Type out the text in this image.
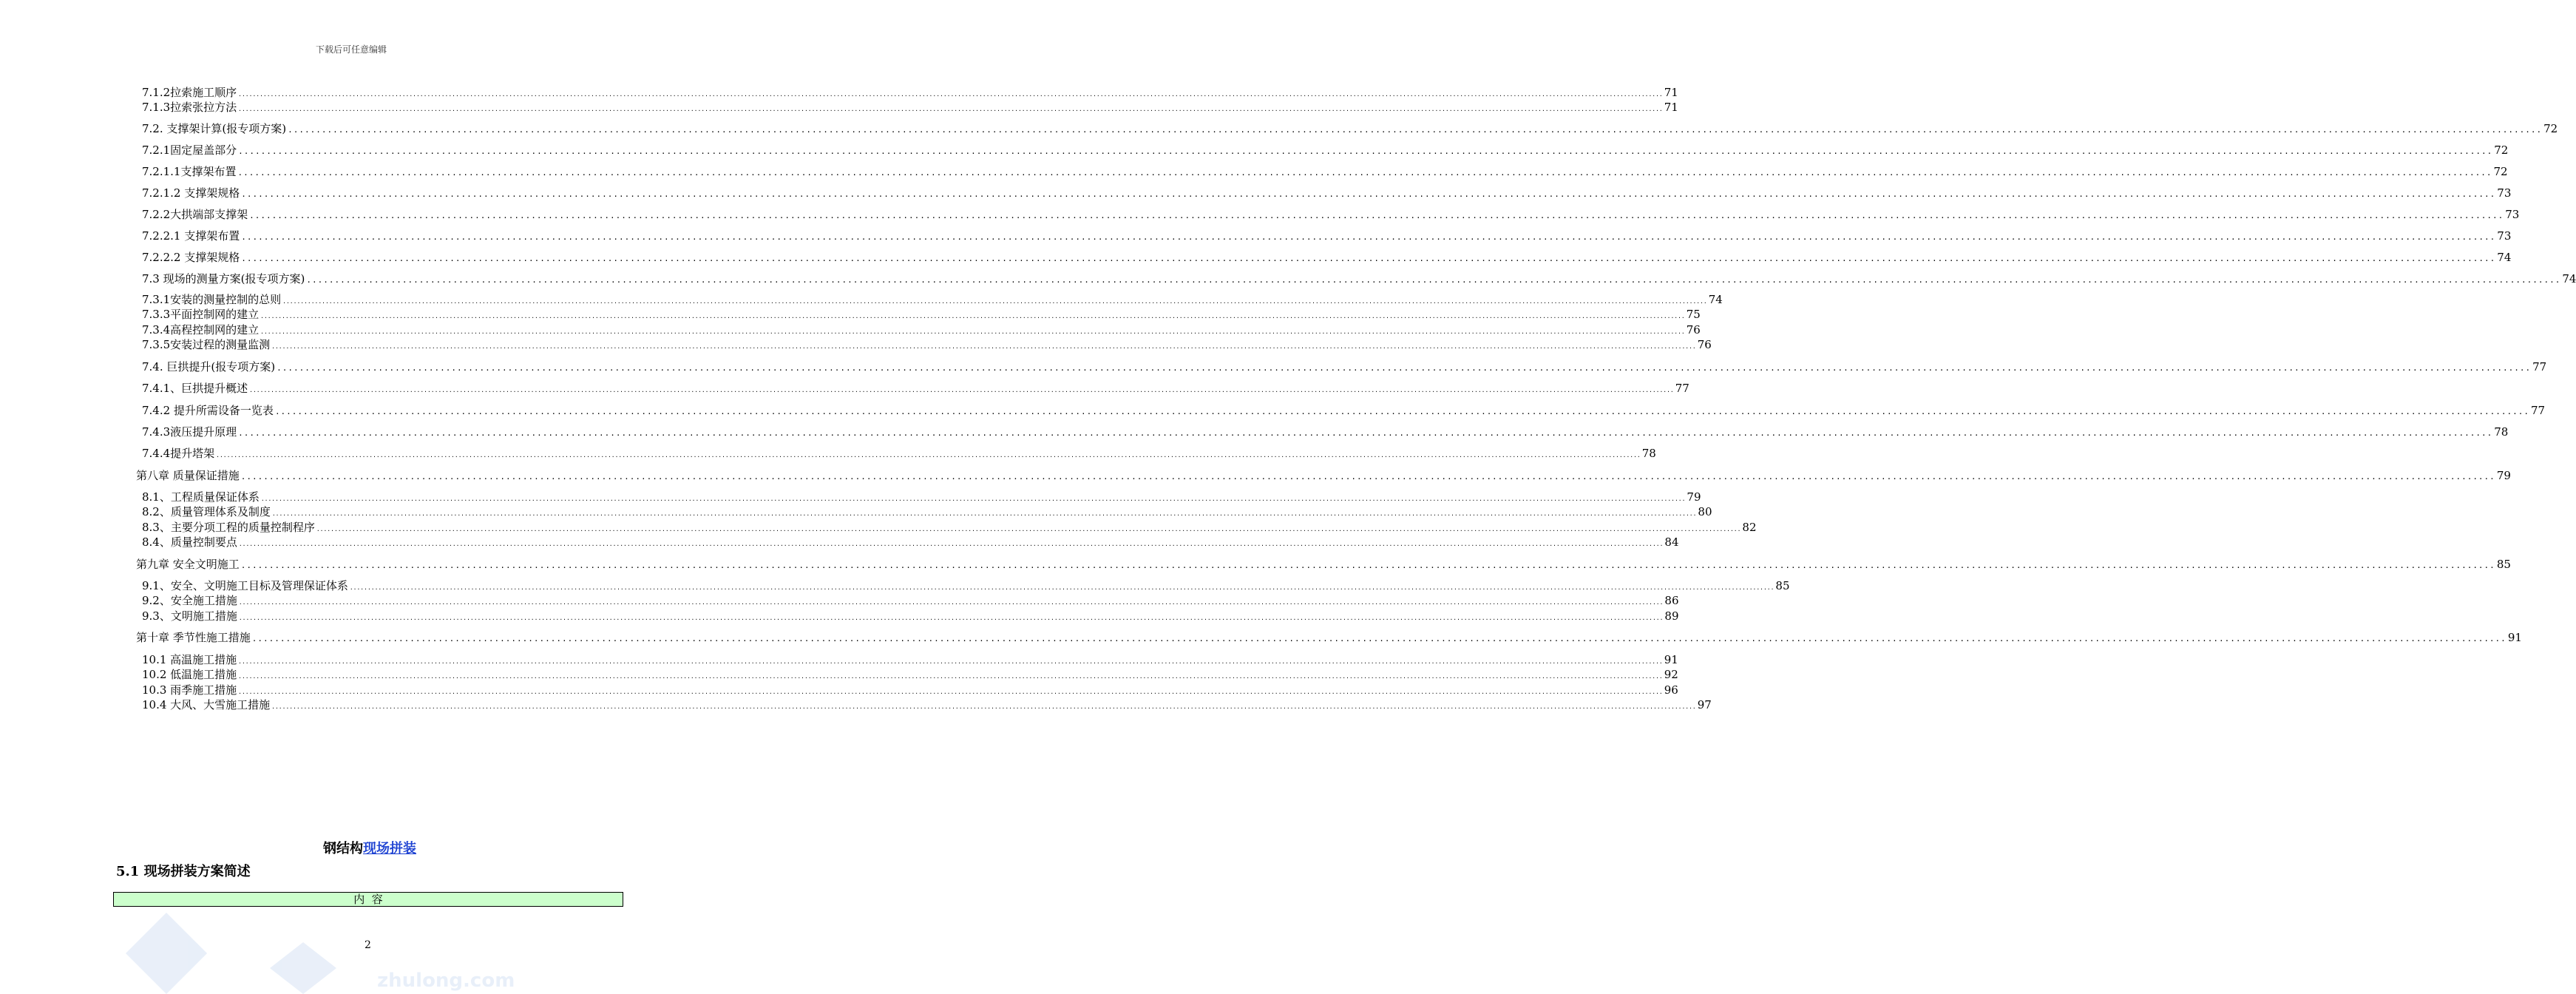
下载后可任意编辑
7.1.2拉索施工顺序 ................................................................................................................................................................................................................................................................................................................................................................................................................ 71
7.1.3拉索张拉方法 ................................................................................................................................................................................................................................................................................................................................................................................................................ 71
7.2. 支撑架计算(报专项方案) ................................................................................................................................................................................................................................................................................................................................................................................................................ 72
7.2.1固定屋盖部分 ................................................................................................................................................................................................................................................................................................................................................................................................................ 72
7.2.1.1支撑架布置 ................................................................................................................................................................................................................................................................................................................................................................................................................ 72
7.2.1.2 支撑架规格 ................................................................................................................................................................................................................................................................................................................................................................................................................ 73
7.2.2大拱端部支撑架 ................................................................................................................................................................................................................................................................................................................................................................................................................ 73
7.2.2.1 支撑架布置 ................................................................................................................................................................................................................................................................................................................................................................................................................ 73
7.2.2.2 支撑架规格 ................................................................................................................................................................................................................................................................................................................................................................................................................ 74
7.3 现场的测量方案(报专项方案) ................................................................................................................................................................................................................................................................................................................................................................................................................ 74
7.3.1安装的测量控制的总则 ................................................................................................................................................................................................................................................................................................................................................................................................................ 74
7.3.3平面控制网的建立 ................................................................................................................................................................................................................................................................................................................................................................................................................ 75
7.3.4高程控制网的建立 ................................................................................................................................................................................................................................................................................................................................................................................................................ 76
7.3.5安装过程的测量监测 ................................................................................................................................................................................................................................................................................................................................................................................................................ 76
7.4. 巨拱提升(报专项方案) ................................................................................................................................................................................................................................................................................................................................................................................................................ 77
7.4.1、巨拱提升概述 ................................................................................................................................................................................................................................................................................................................................................................................................................ 77
7.4.2 提升所需设备一览表 ................................................................................................................................................................................................................................................................................................................................................................................................................ 77
7.4.3液压提升原理 ................................................................................................................................................................................................................................................................................................................................................................................................................ 78
7.4.4提升塔架 ................................................................................................................................................................................................................................................................................................................................................................................................................ 78
第八章 质量保证措施 ................................................................................................................................................................................................................................................................................................................................................................................................................ 79
8.1、工程质量保证体系 ................................................................................................................................................................................................................................................................................................................................................................................................................ 79
8.2、质量管理体系及制度 ................................................................................................................................................................................................................................................................................................................................................................................................................ 80
8.3、主要分项工程的质量控制程序 ................................................................................................................................................................................................................................................................................................................................................................................................................ 82
8.4、质量控制要点 ................................................................................................................................................................................................................................................................................................................................................................................................................ 84
第九章 安全文明施工 ................................................................................................................................................................................................................................................................................................................................................................................................................ 85
9.1、安全、文明施工目标及管理保证体系 ................................................................................................................................................................................................................................................................................................................................................................................................................ 85
9.2、安全施工措施 ................................................................................................................................................................................................................................................................................................................................................................................................................ 86
9.3、文明施工措施 ................................................................................................................................................................................................................................................................................................................................................................................................................ 89
第十章 季节性施工措施 ................................................................................................................................................................................................................................................................................................................................................................................................................ 91
10.1 高温施工措施 ................................................................................................................................................................................................................................................................................................................................................................................................................ 91
10.2 低温施工措施 ................................................................................................................................................................................................................................................................................................................................................................................................................ 92
10.3 雨季施工措施 ................................................................................................................................................................................................................................................................................................................................................................................................................ 96
10.4 大风、大雪施工措施 ................................................................................................................................................................................................................................................................................................................................................................................................................ 97
钢结构现场拼装
5.1 现场拼装方案简述
内  容
2
zhulong.com
